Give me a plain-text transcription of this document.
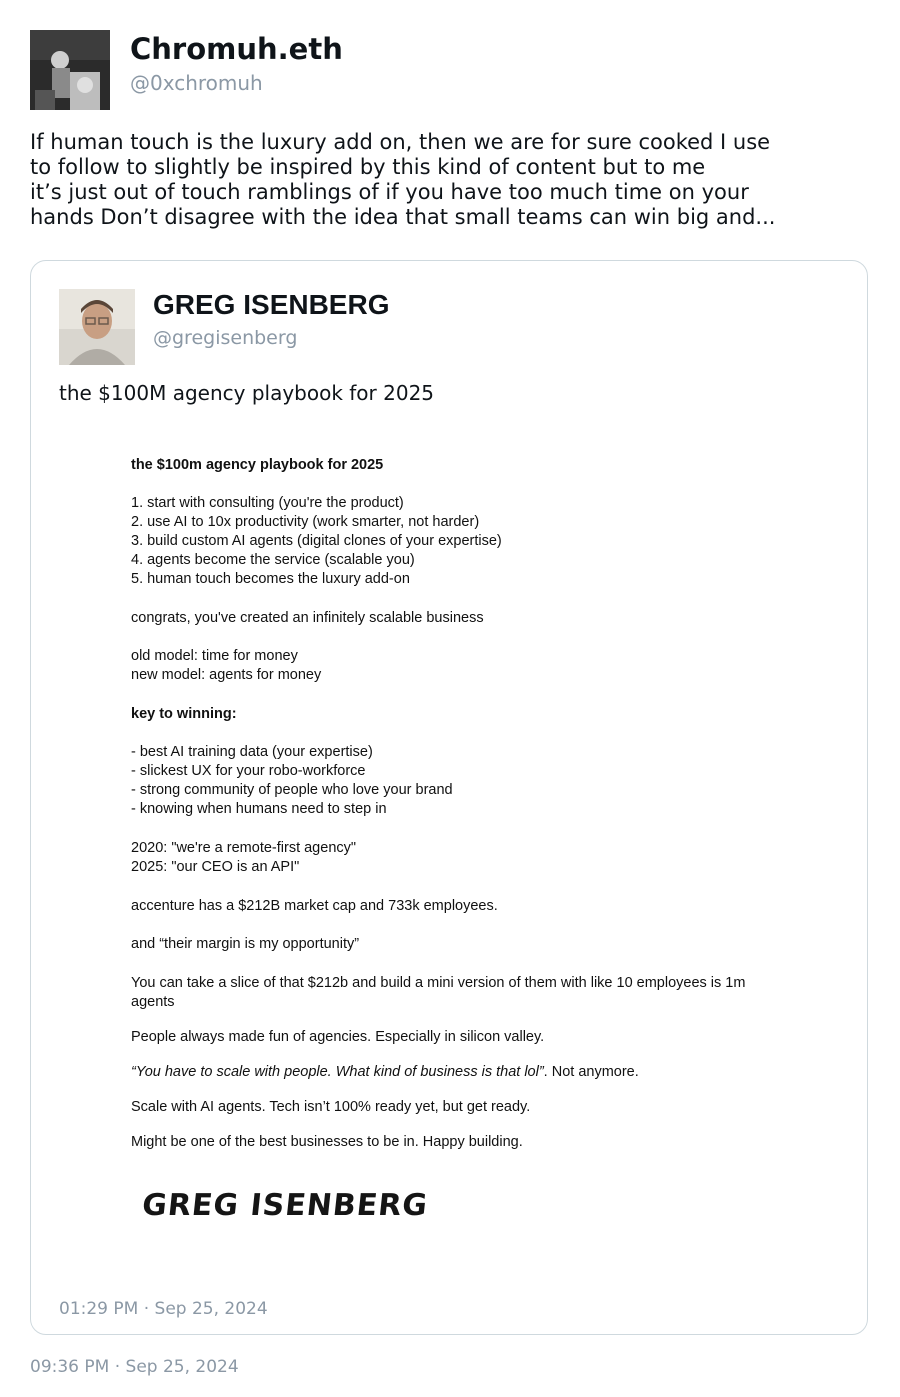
Chromuh.eth
@0xchromuh
If human touch is the luxury add on, then we are for sure cooked I use
to follow to slightly be inspired by this kind of content but to me
it’s just out of touch ramblings of if you have too much time on your
hands Don’t disagree with the idea that small teams can win big and...
GREG ISENBERG
@gregisenberg
the $100M agency playbook for 2025
the $100m agency playbook for 2025
1. start with consulting (you're the product)
2. use AI to 10x productivity (work smarter, not harder)
3. build custom AI agents (digital clones of your expertise)
4. agents become the service (scalable you)
5. human touch becomes the luxury add-on
congrats, you've created an infinitely scalable business
old model: time for money
new model: agents for money
key to winning:
- best AI training data (your expertise)
- slickest UX for your robo-workforce
- strong community of people who love your brand
- knowing when humans need to step in
2020: "we're a remote-first agency"
2025: "our CEO is an API"
accenture has a $212B market cap and 733k employees.
and “their margin is my opportunity”
You can take a slice of that $212b and build a mini version of them with like 10 employees is 1m
agents
People always made fun of agencies. Especially in silicon valley.
“You have to scale with people. What kind of business is that lol”. Not anymore.
Scale with AI agents. Tech isn’t 100% ready yet, but get ready.
Might be one of the best businesses to be in. Happy building.
GREG ISENBERG
01:29 PM · Sep 25, 2024
09:36 PM · Sep 25, 2024
